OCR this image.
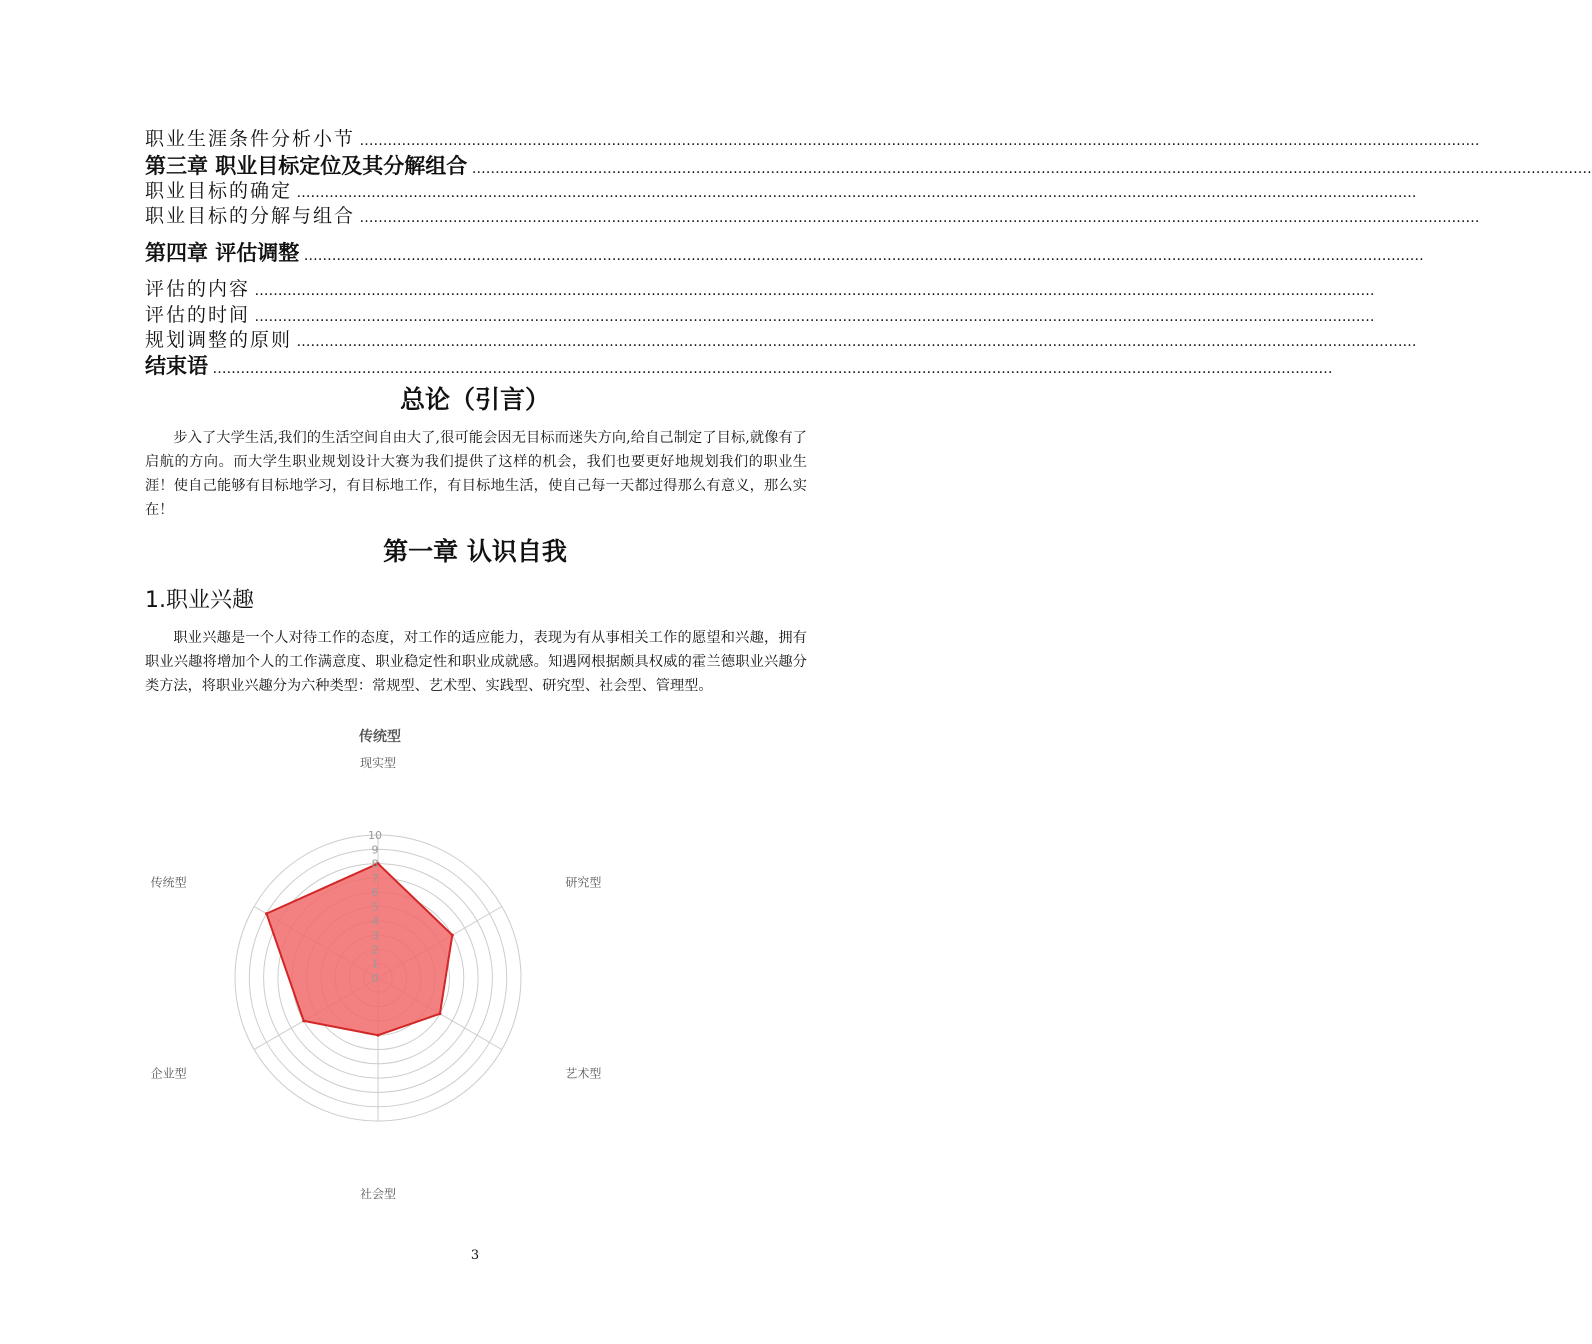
职业生涯条件分析小节 ……………………………………………………………………………………………………………………………………………………………………………………………………………………
第三章 职业目标定位及其分解组合 ……………………………………………………………………………………………………………………………………………………………………………………………………………………
职业目标的确定 ……………………………………………………………………………………………………………………………………………………………………………………………………………………
职业目标的分解与组合 ……………………………………………………………………………………………………………………………………………………………………………………………………………………
第四章 评估调整 ……………………………………………………………………………………………………………………………………………………………………………………………………………………
评估的内容 ……………………………………………………………………………………………………………………………………………………………………………………………………………………
评估的时间 ……………………………………………………………………………………………………………………………………………………………………………………………………………………
规划调整的原则 ……………………………………………………………………………………………………………………………………………………………………………………………………………………
结束语 ……………………………………………………………………………………………………………………………………………………………………………………………………………………
总论（引言）
步入了大学生活,我们的生活空间自由大了,很可能会因无目标而迷失方向,给自己制定了目标,就像有了启航的方向。而大学生职业规划设计大赛为我们提供了这样的机会，我们也要更好地规划我们的职业生涯！使自己能够有目标地学习，有目标地工作，有目标地生活，使自己每一天都过得那么有意义，那么实在！
第一章 认识自我
1.职业兴趣
职业兴趣是一个人对待工作的态度，对工作的适应能力，表现为有从事相关工作的愿望和兴趣，拥有职业兴趣将增加个人的工作满意度、职业稳定性和职业成就感。知遇网根据颇具权威的霍兰德职业兴趣分类方法，将职业兴趣分为六种类型：常规型、艺术型、实践型、研究型、社会型、管理型。
传统型
0
1
2
3
4
5
6
7
8
9
10
现实型
研究型
艺术型
社会型
企业型
传统型
3
